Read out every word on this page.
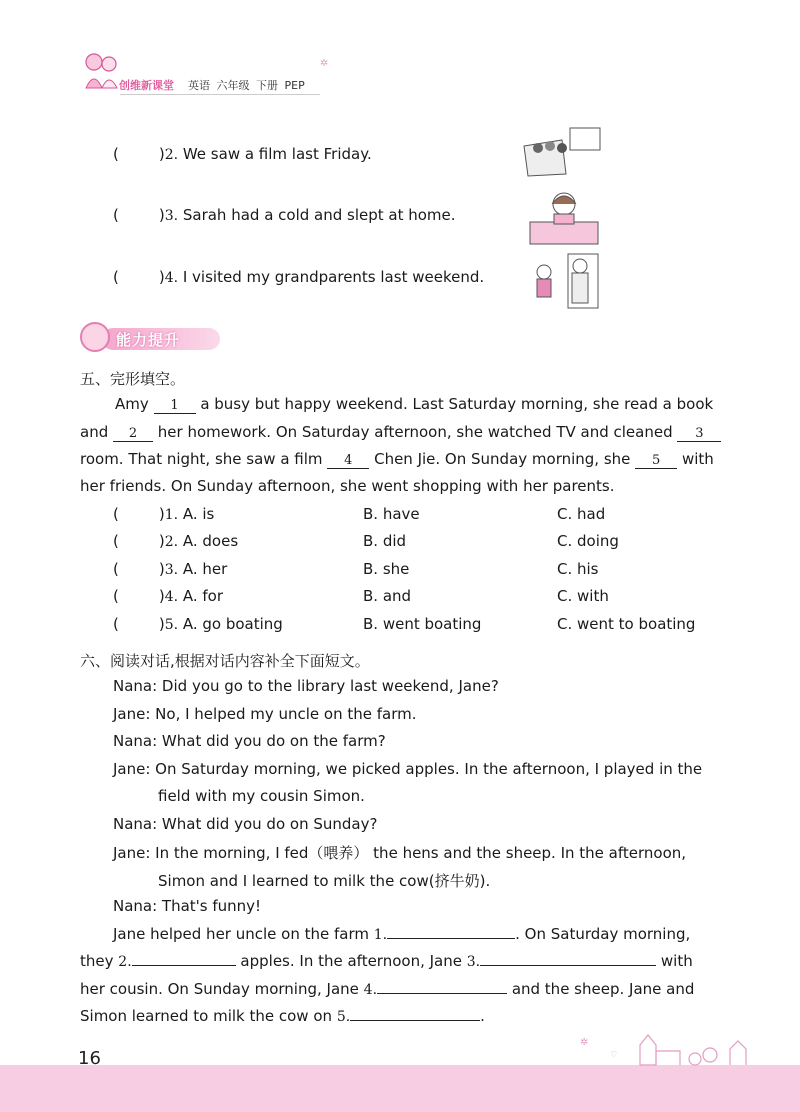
创维新课堂 英语 六年级 下册 PEP
✲
(	)2. We saw a film last Friday.
(	)3. Sarah had a cold and slept at home.
(	)4. I visited my grandparents last weekend.
能力提升
五、完形填空。
Amy 1 a busy but happy weekend. Last Saturday morning, she read a book
and 2 her homework. On Saturday afternoon, she watched TV and cleaned 3
room. That night, she saw a film 4 Chen Jie. On Sunday morning, she 5 with
her friends. On Sunday afternoon, she went shopping with her parents.
(	)1. A. is	B. have	C. had
(	)2. A. does	B. did	C. doing
(	)3. A. her	B. she	C. his
(	)4. A. for	B. and	C. with
(	)5. A. go boating	B. went boating	C. went to boating
六、阅读对话,根据对话内容补全下面短文。
Nana: Did you go to the library last weekend, Jane?
Jane: No, I helped my uncle on the farm.
Nana: What did you do on the farm?
Jane: On Saturday morning, we picked apples. In the afternoon, I played in the
field with my cousin Simon.
Nana: What did you do on Sunday?
Jane: In the morning, I fed（喂养） the hens and the sheep. In the afternoon,
Simon and I learned to milk the cow(挤牛奶).
Nana: That's funny!
Jane helped her uncle on the farm 1.	. On Saturday morning,
they 2.	apples. In the afternoon, Jane 3.	with
her cousin. On Sunday morning, Jane 4.	and the sheep. Jane and
Simon learned to milk the cow on 5.	.
16
✲
♡
